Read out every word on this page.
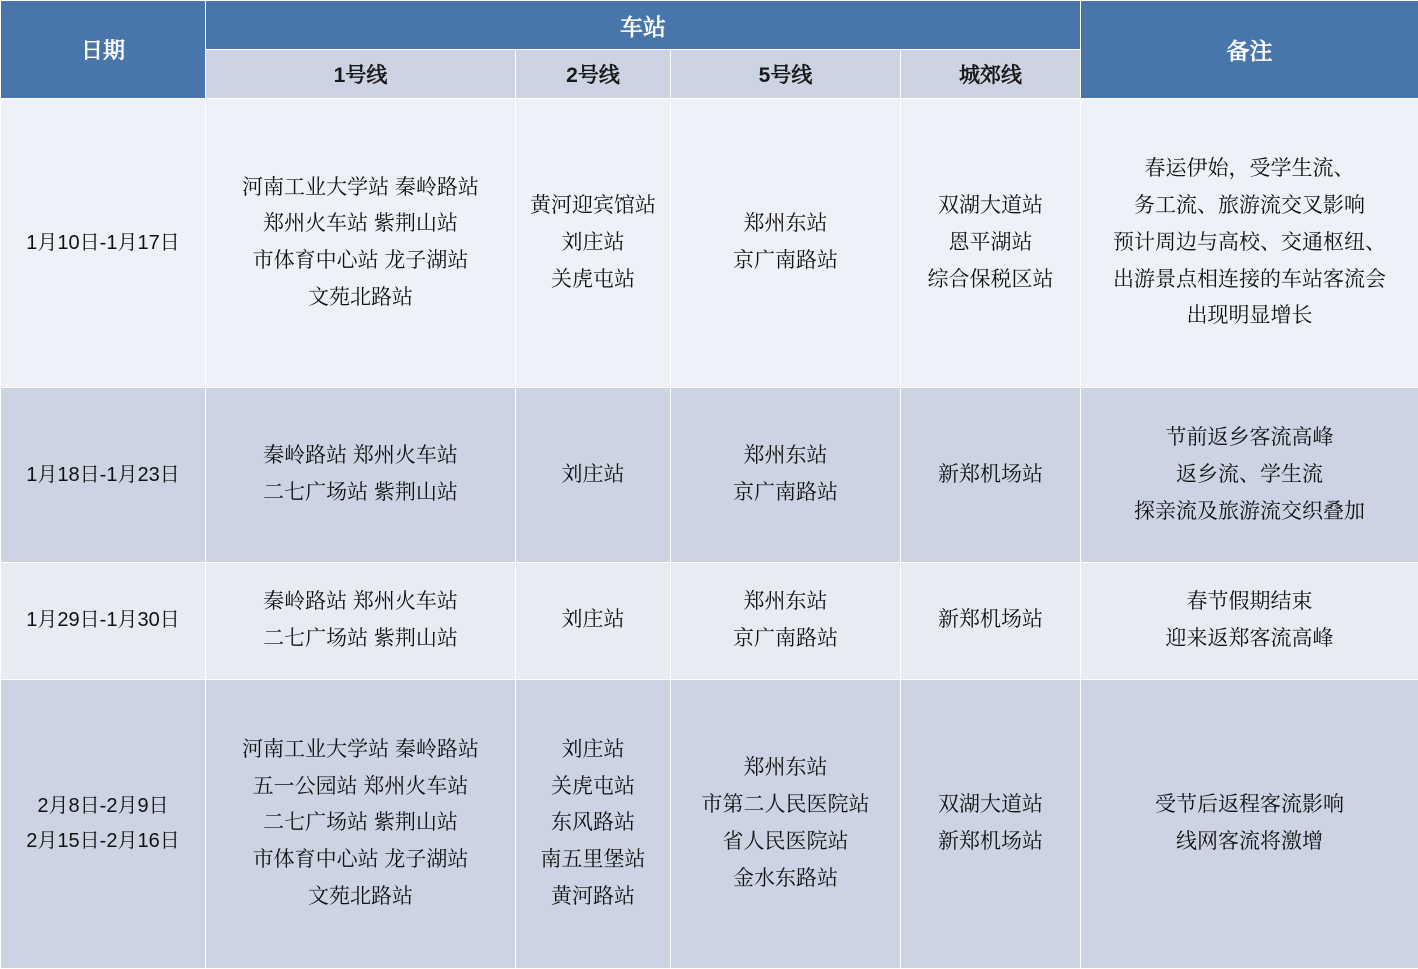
日期	车站				备注
	1号线	2号线	5号线	城郊线	

1月10日-1月17日	河南工业大学站 秦岭路站
郑州火车站 紫荆山站
市体育中心站 龙子湖站
文苑北路站	黄河迎宾馆站
刘庄站
关虎屯站	郑州东站
京广南路站	双湖大道站
恩平湖站
综合保税区站	春运伊始，受学生流、
务工流、旅游流交叉影响
预计周边与高校、交通枢纽、
出游景点相连接的车站客流会
出现明显增长

1月18日-1月23日	秦岭路站 郑州火车站
二七广场站 紫荆山站	刘庄站	郑州东站
京广南路站	新郑机场站	节前返乡客流高峰
返乡流、学生流
探亲流及旅游流交织叠加

1月29日-1月30日	秦岭路站 郑州火车站
二七广场站 紫荆山站	刘庄站	郑州东站
京广南路站	新郑机场站	春节假期结束
迎来返郑客流高峰

2月8日-2月9日
2月15日-2月16日	河南工业大学站 秦岭路站
五一公园站 郑州火车站
二七广场站 紫荆山站
市体育中心站 龙子湖站
文苑北路站	刘庄站
关虎屯站
东风路站
南五里堡站
黄河路站	郑州东站
市第二人民医院站
省人民医院站
金水东路站	双湖大道站
新郑机场站	受节后返程客流影响
线网客流将激增
